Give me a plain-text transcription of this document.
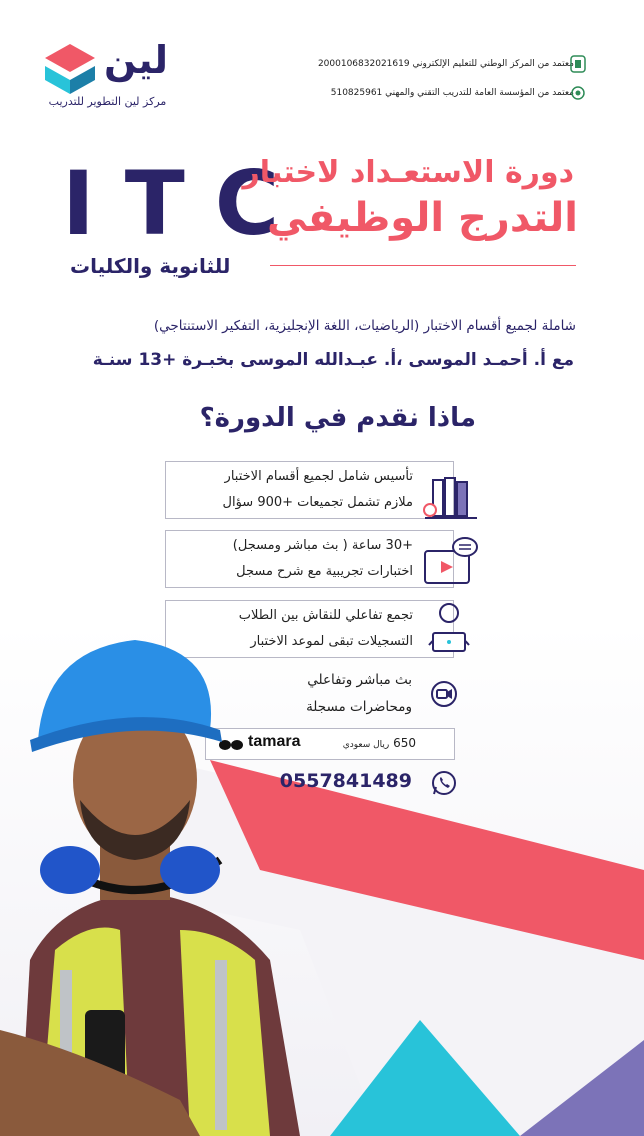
لين
مركز لين التطوير للتدريب
معتمد من المركز الوطني للتعليم الإلكتروني 2000106832021619
معتمد من المؤسسة العامة للتدريب التقني والمهني 510825961
ITC
دورة الاستعـداد لاختبار
التدرج الوظيفي
للثانوية والكليات
شاملة لجميع أقسام الاختبار (الرياضيات، اللغة الإنجليزية، التفكير الاستنتاجي)
مع أ. أحمـد الموسى ،أ. عبـدالله الموسى بخبـرة +13 سنـة
ماذا نقدم في الدورة؟
تأسيس شامل لجميع أقسام الاختبار
ملازم تشمل تجميعات +900 سؤال
+30 ساعة ( بث مباشر ومسجل)
اختبارات تجريبية مع شرح مسجل
تجمع تفاعلي للنقاش بين الطلاب
التسجيلات تبقى لموعد الاختبار
بث مباشر وتفاعلي
ومحاضرات مسجلة
650 ريال سعودي
tamara
0557841489
